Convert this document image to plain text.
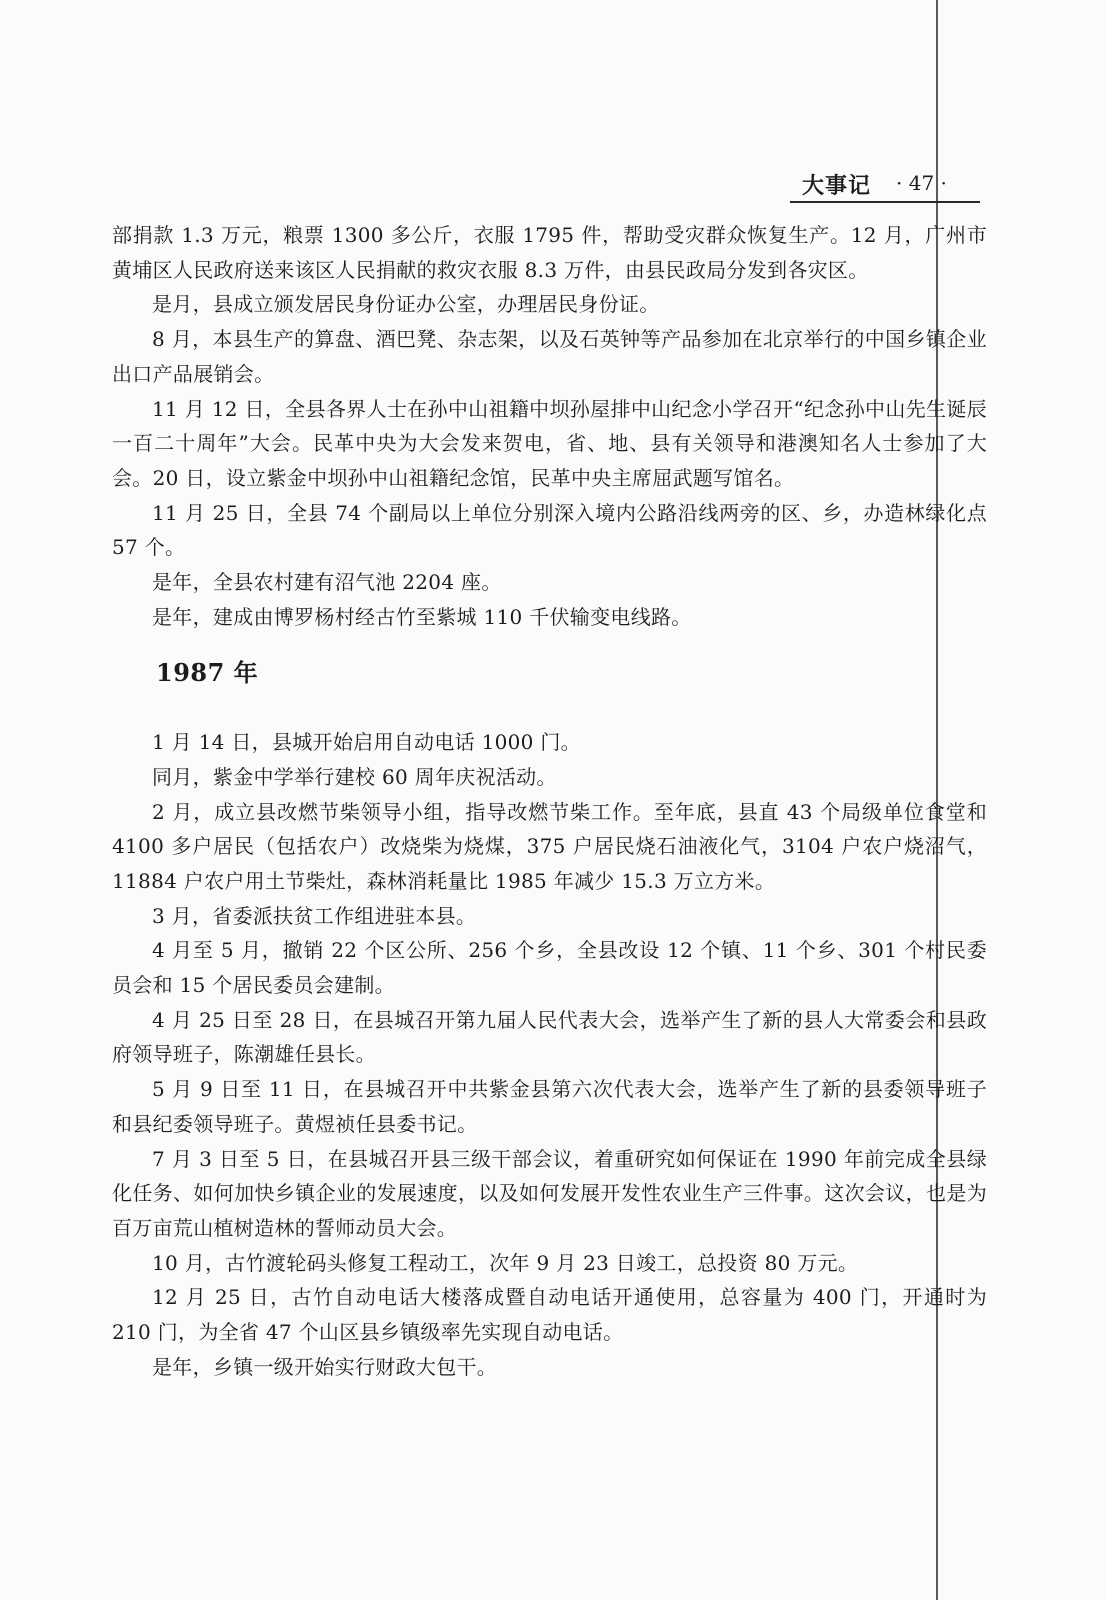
大事记 · 47 ·

部捐款 1.3 万元，粮票 1300 多公斤，衣服 1795 件，帮助受灾群众恢复生产。12 月，广州市黄埔区人民政府送来该区人民捐献的救灾衣服 8.3 万件，由县民政局分发到各灾区。

是月，县成立颁发居民身份证办公室，办理居民身份证。

8 月，本县生产的算盘、酒巴凳、杂志架，以及石英钟等产品参加在北京举行的中国乡镇企业出口产品展销会。

11 月 12 日，全县各界人士在孙中山祖籍中坝孙屋排中山纪念小学召开“纪念孙中山先生诞辰一百二十周年”大会。民革中央为大会发来贺电，省、地、县有关领导和港澳知名人士参加了大会。20 日，设立紫金中坝孙中山祖籍纪念馆，民革中央主席屈武题写馆名。

11 月 25 日，全县 74 个副局以上单位分别深入境内公路沿线两旁的区、乡，办造林绿化点 57 个。

是年，全县农村建有沼气池 2204 座。

是年，建成由博罗杨村经古竹至紫城 110 千伏输变电线路。

1987 年

1 月 14 日，县城开始启用自动电话 1000 门。

同月，紫金中学举行建校 60 周年庆祝活动。

2 月，成立县改燃节柴领导小组，指导改燃节柴工作。至年底，县直 43 个局级单位食堂和 4100 多户居民（包括农户）改烧柴为烧煤，375 户居民烧石油液化气，3104 户农户烧沼气，11884 户农户用土节柴灶，森林消耗量比 1985 年减少 15.3 万立方米。

3 月，省委派扶贫工作组进驻本县。

4 月至 5 月，撤销 22 个区公所、256 个乡，全县改设 12 个镇、11 个乡、301 个村民委员会和 15 个居民委员会建制。

4 月 25 日至 28 日，在县城召开第九届人民代表大会，选举产生了新的县人大常委会和县政府领导班子，陈潮雄任县长。

5 月 9 日至 11 日，在县城召开中共紫金县第六次代表大会，选举产生了新的县委领导班子和县纪委领导班子。黄煜祯任县委书记。

7 月 3 日至 5 日，在县城召开县三级干部会议，着重研究如何保证在 1990 年前完成全县绿化任务、如何加快乡镇企业的发展速度，以及如何发展开发性农业生产三件事。这次会议，也是为百万亩荒山植树造林的誓师动员大会。

10 月，古竹渡轮码头修复工程动工，次年 9 月 23 日竣工，总投资 80 万元。

12 月 25 日，古竹自动电话大楼落成暨自动电话开通使用，总容量为 400 门，开通时为 210 门，为全省 47 个山区县乡镇级率先实现自动电话。

是年，乡镇一级开始实行财政大包干。
